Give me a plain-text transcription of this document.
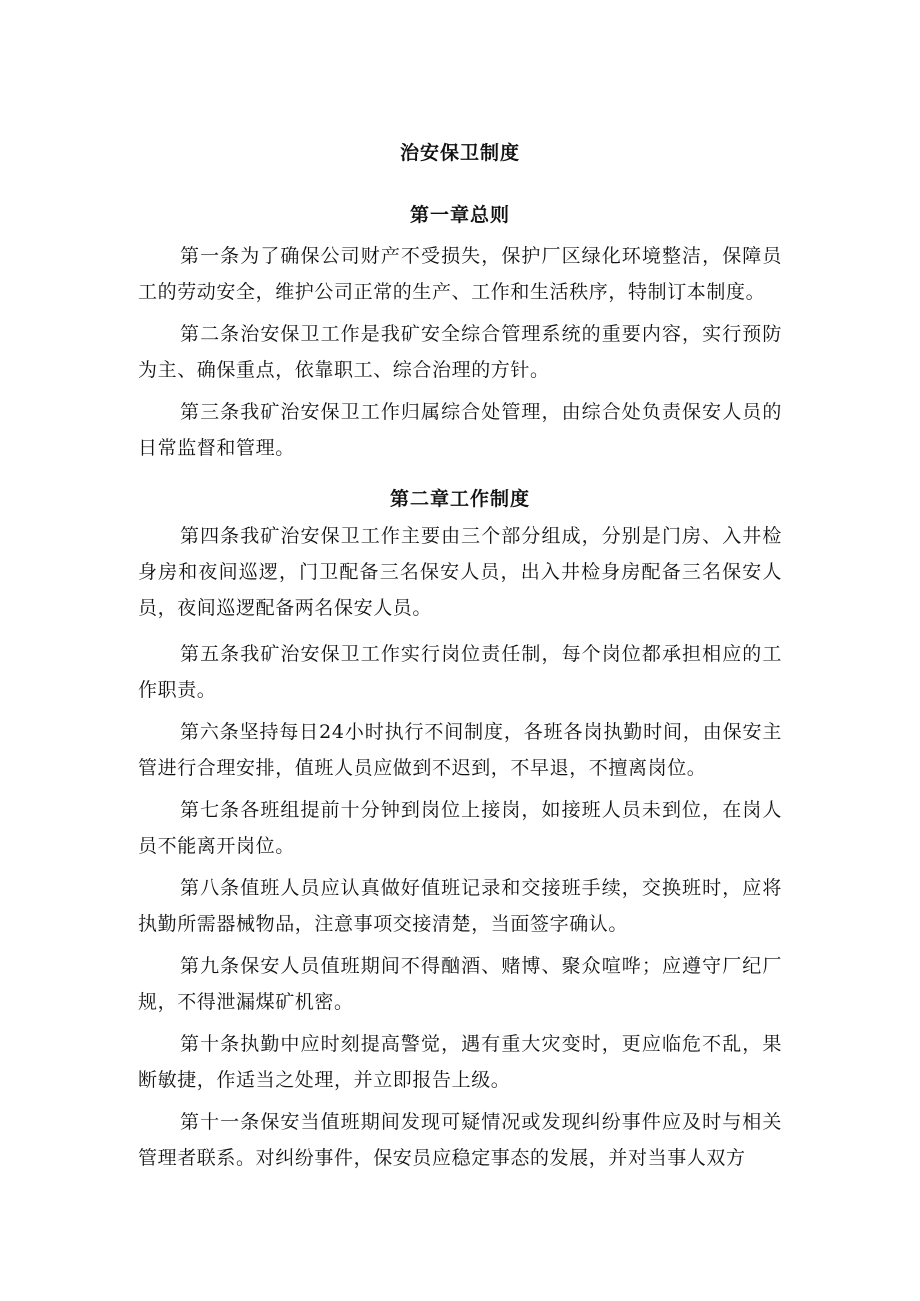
治安保卫制度
第一章总则

第一条为了确保公司财产不受损失，保护厂区绿化环境整洁，保障员工的劳动安全，维护公司正常的生产、工作和生活秩序，特制订本制度。

第二条治安保卫工作是我矿安全综合管理系统的重要内容，实行预防为主、确保重点，依靠职工、综合治理的方针。

第三条我矿治安保卫工作归属综合处管理，由综合处负责保安人员的日常监督和管理。

第二章工作制度

第四条我矿治安保卫工作主要由三个部分组成，分别是门房、入井检身房和夜间巡逻，门卫配备三名保安人员，出入井检身房配备三名保安人员，夜间巡逻配备两名保安人员。

第五条我矿治安保卫工作实行岗位责任制，每个岗位都承担相应的工作职责。

第六条坚持每日24小时执行不间制度，各班各岗执勤时间，由保安主管进行合理安排，值班人员应做到不迟到，不早退，不擅离岗位。

第七条各班组提前十分钟到岗位上接岗，如接班人员未到位，在岗人员不能离开岗位。

第八条值班人员应认真做好值班记录和交接班手续，交换班时，应将执勤所需器械物品，注意事项交接清楚，当面签字确认。

第九条保安人员值班期间不得酗酒、赌博、聚众喧哗；应遵守厂纪厂规，不得泄漏煤矿机密。

第十条执勤中应时刻提高警觉，遇有重大灾变时，更应临危不乱，果断敏捷，作适当之处理，并立即报告上级。

第十一条保安当值班期间发现可疑情况或发现纠纷事件应及时与相关管理者联系。对纠纷事件，保安员应稳定事态的发展，并对当事人双方
